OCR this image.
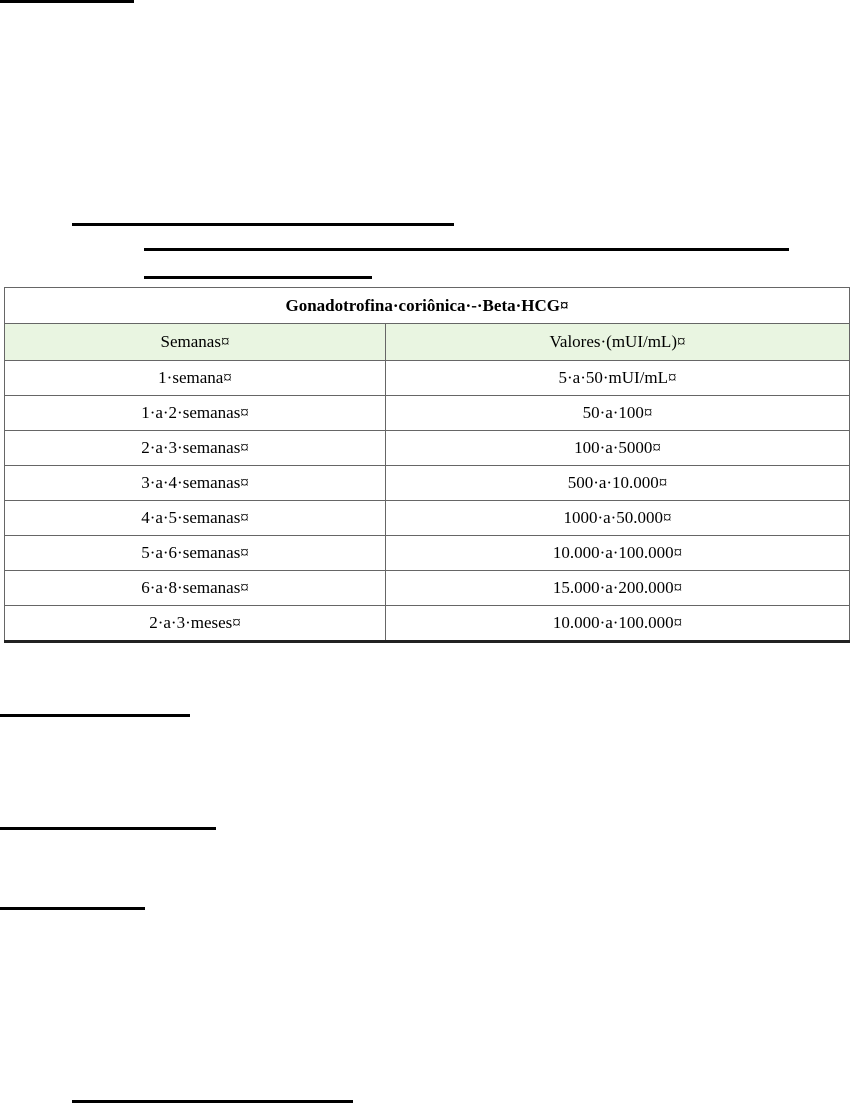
Gonadotrofina·coriônica·-·Beta·HCG¤	
Semanas¤	Valores·(mUI/mL)¤
1·semana¤	5·a·50·mUI/mL¤
1·a·2·semanas¤	50·a·100¤
2·a·3·semanas¤	100·a·5000¤
3·a·4·semanas¤	500·a·10.000¤
4·a·5·semanas¤	1000·a·50.000¤
5·a·6·semanas¤	10.000·a·100.000¤
6·a·8·semanas¤	15.000·a·200.000¤
2·a·3·meses¤	10.000·a·100.000¤
